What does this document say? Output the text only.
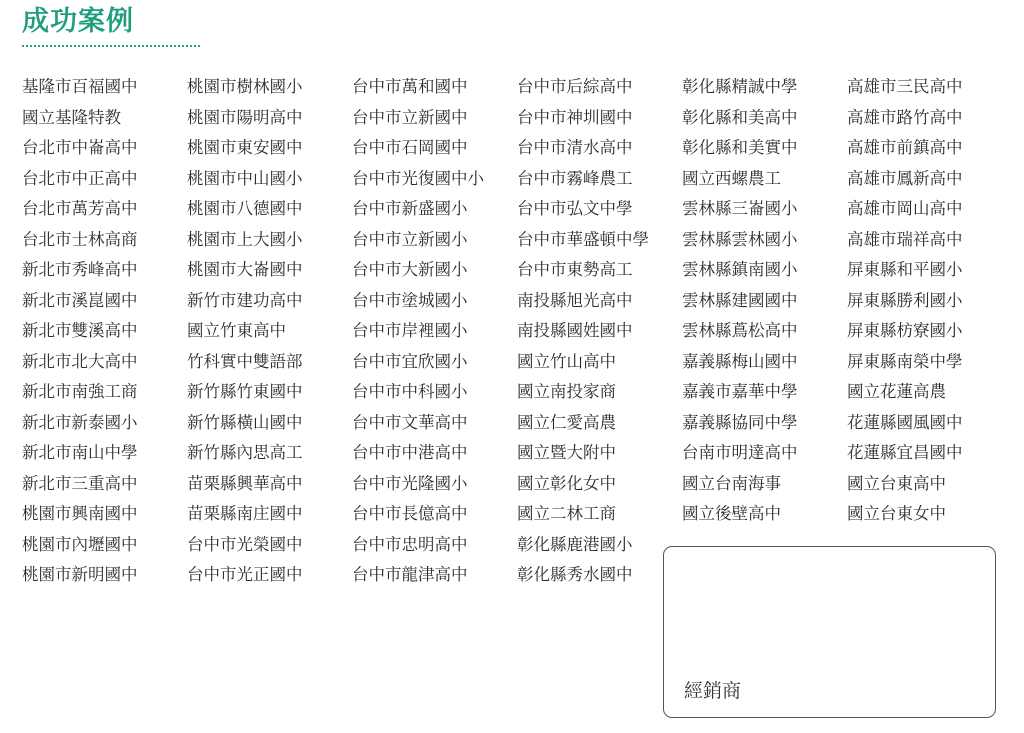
成功案例
基隆市百福國中
國立基隆特教
台北市中崙高中
台北市中正高中
台北市萬芳高中
台北市士林高商
新北市秀峰高中
新北市溪崑國中
新北市雙溪高中
新北市北大高中
新北市南強工商
新北市新泰國小
新北市南山中學
新北市三重高中
桃園市興南國中
桃園市內壢國中
桃園市新明國中
桃園市樹林國小
桃園市陽明高中
桃園市東安國中
桃園市中山國小
桃園市八德國中
桃園市上大國小
桃園市大崙國中
新竹市建功高中
國立竹東高中
竹科實中雙語部
新竹縣竹東國中
新竹縣橫山國中
新竹縣內思高工
苗栗縣興華高中
苗栗縣南庄國中
台中市光榮國中
台中市光正國中
台中市萬和國中
台中市立新國中
台中市石岡國中
台中市光復國中小
台中市新盛國小
台中市立新國小
台中市大新國小
台中市塗城國小
台中市岸裡國小
台中市宜欣國小
台中市中科國小
台中市文華高中
台中市中港高中
台中市光隆國小
台中市長億高中
台中市忠明高中
台中市龍津高中
台中市后綜高中
台中市神圳國中
台中市清水高中
台中市霧峰農工
台中市弘文中學
台中市華盛頓中學
台中市東勢高工
南投縣旭光高中
南投縣國姓國中
國立竹山高中
國立南投家商
國立仁愛高農
國立暨大附中
國立彰化女中
國立二林工商
彰化縣鹿港國小
彰化縣秀水國中
彰化縣精誠中學
彰化縣和美高中
彰化縣和美實中
國立西螺農工
雲林縣三崙國小
雲林縣雲林國小
雲林縣鎮南國小
雲林縣建國國中
雲林縣蔦松高中
嘉義縣梅山國中
嘉義市嘉華中學
嘉義縣協同中學
台南市明達高中
國立台南海事
國立後壁高中
高雄市三民高中
高雄市路竹高中
高雄市前鎮高中
高雄市鳳新高中
高雄市岡山高中
高雄市瑞祥高中
屏東縣和平國小
屏東縣勝利國小
屏東縣枋寮國小
屏東縣南榮中學
國立花蓮高農
花蓮縣國風國中
花蓮縣宜昌國中
國立台東高中
國立台東女中
經銷商
